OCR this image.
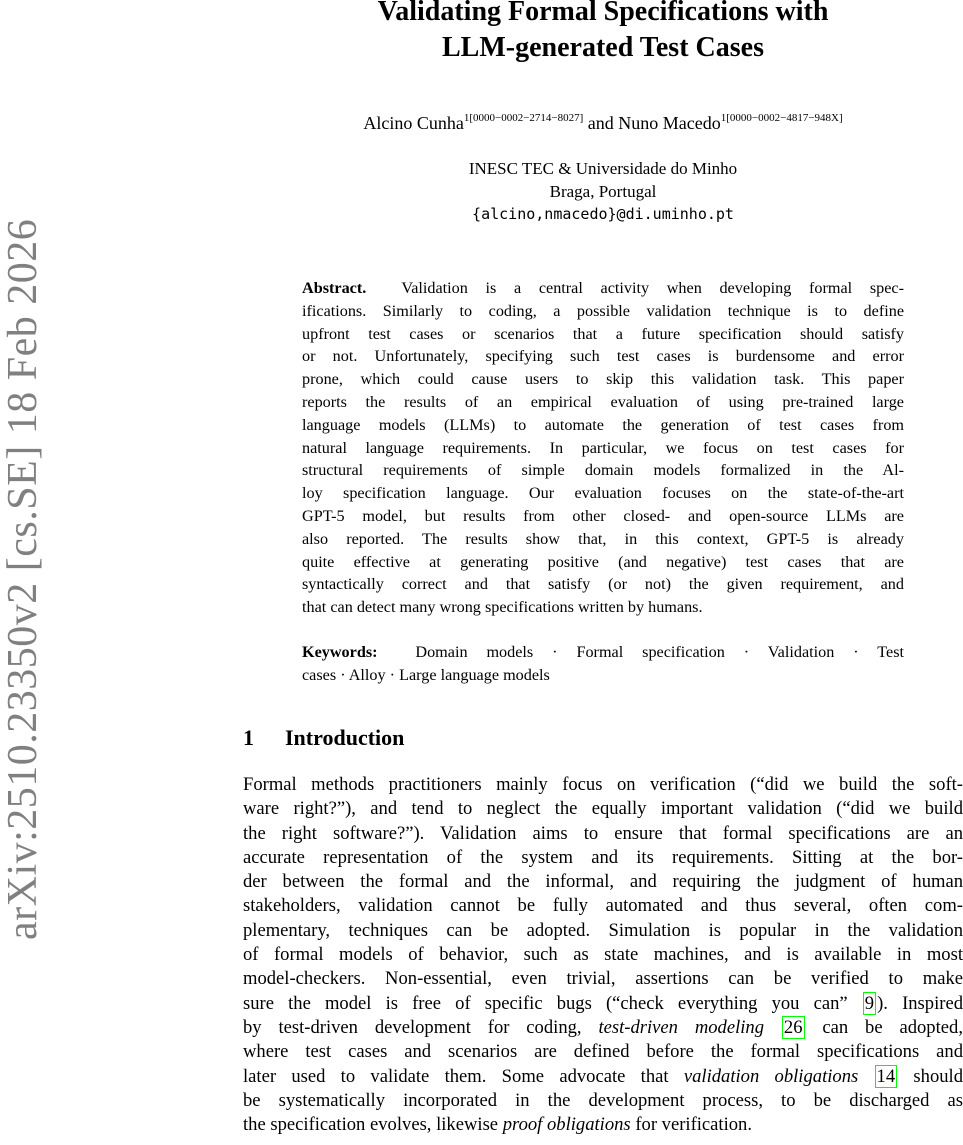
arXiv:2510.23350v2 [cs.SE] 18 Feb 2026
Validating Formal Specifications with
LLM-generated Test Cases
Alcino Cunha$^{1[0000-0002-2714-8027]}$ and Nuno Macedo$^{1[0000-0002-4817-948X]}$
INESC TEC & Universidade do Minho
Braga, Portugal
{alcino,nmacedo}@di.uminho.pt
Abstract. Validation is a central activity when developing formal spec-
ifications. Similarly to coding, a possible validation technique is to define
upfront test cases or scenarios that a future specification should satisfy
or not. Unfortunately, specifying such test cases is burdensome and error
prone, which could cause users to skip this validation task. This paper
reports the results of an empirical evaluation of using pre-trained large
language models (LLMs) to automate the generation of test cases from
natural language requirements. In particular, we focus on test cases for
structural requirements of simple domain models formalized in the Al-
loy specification language. Our evaluation focuses on the state-of-the-art
GPT-5 model, but results from other closed- and open-source LLMs are
also reported. The results show that, in this context, GPT-5 is already
quite effective at generating positive (and negative) test cases that are
syntactically correct and that satisfy (or not) the given requirement, and
that can detect many wrong specifications written by humans.
Keywords: Domain models · Formal specification · Validation · Test
cases · Alloy · Large language models
1 Introduction
Formal methods practitioners mainly focus on verification (“did we build the soft-
ware right?”), and tend to neglect the equally important validation (“did we build
the right software?”). Validation aims to ensure that formal specifications are an
accurate representation of the system and its requirements. Sitting at the bor-
der between the formal and the informal, and requiring the judgment of human
stakeholders, validation cannot be fully automated and thus several, often com-
plementary, techniques can be adopted. Simulation is popular in the validation
of formal models of behavior, such as state machines, and is available in most
model-checkers. Non-essential, even trivial, assertions can be verified to make
sure the model is free of specific bugs (“check everything you can” 9 ). Inspired
by test-driven development for coding, test-driven modeling 26 can be adopted,
where test cases and scenarios are defined before the formal specifications and
later used to validate them. Some advocate that validation obligations 14 should
be systematically incorporated in the development process, to be discharged as
the specification evolves, likewise proof obligations for verification.
